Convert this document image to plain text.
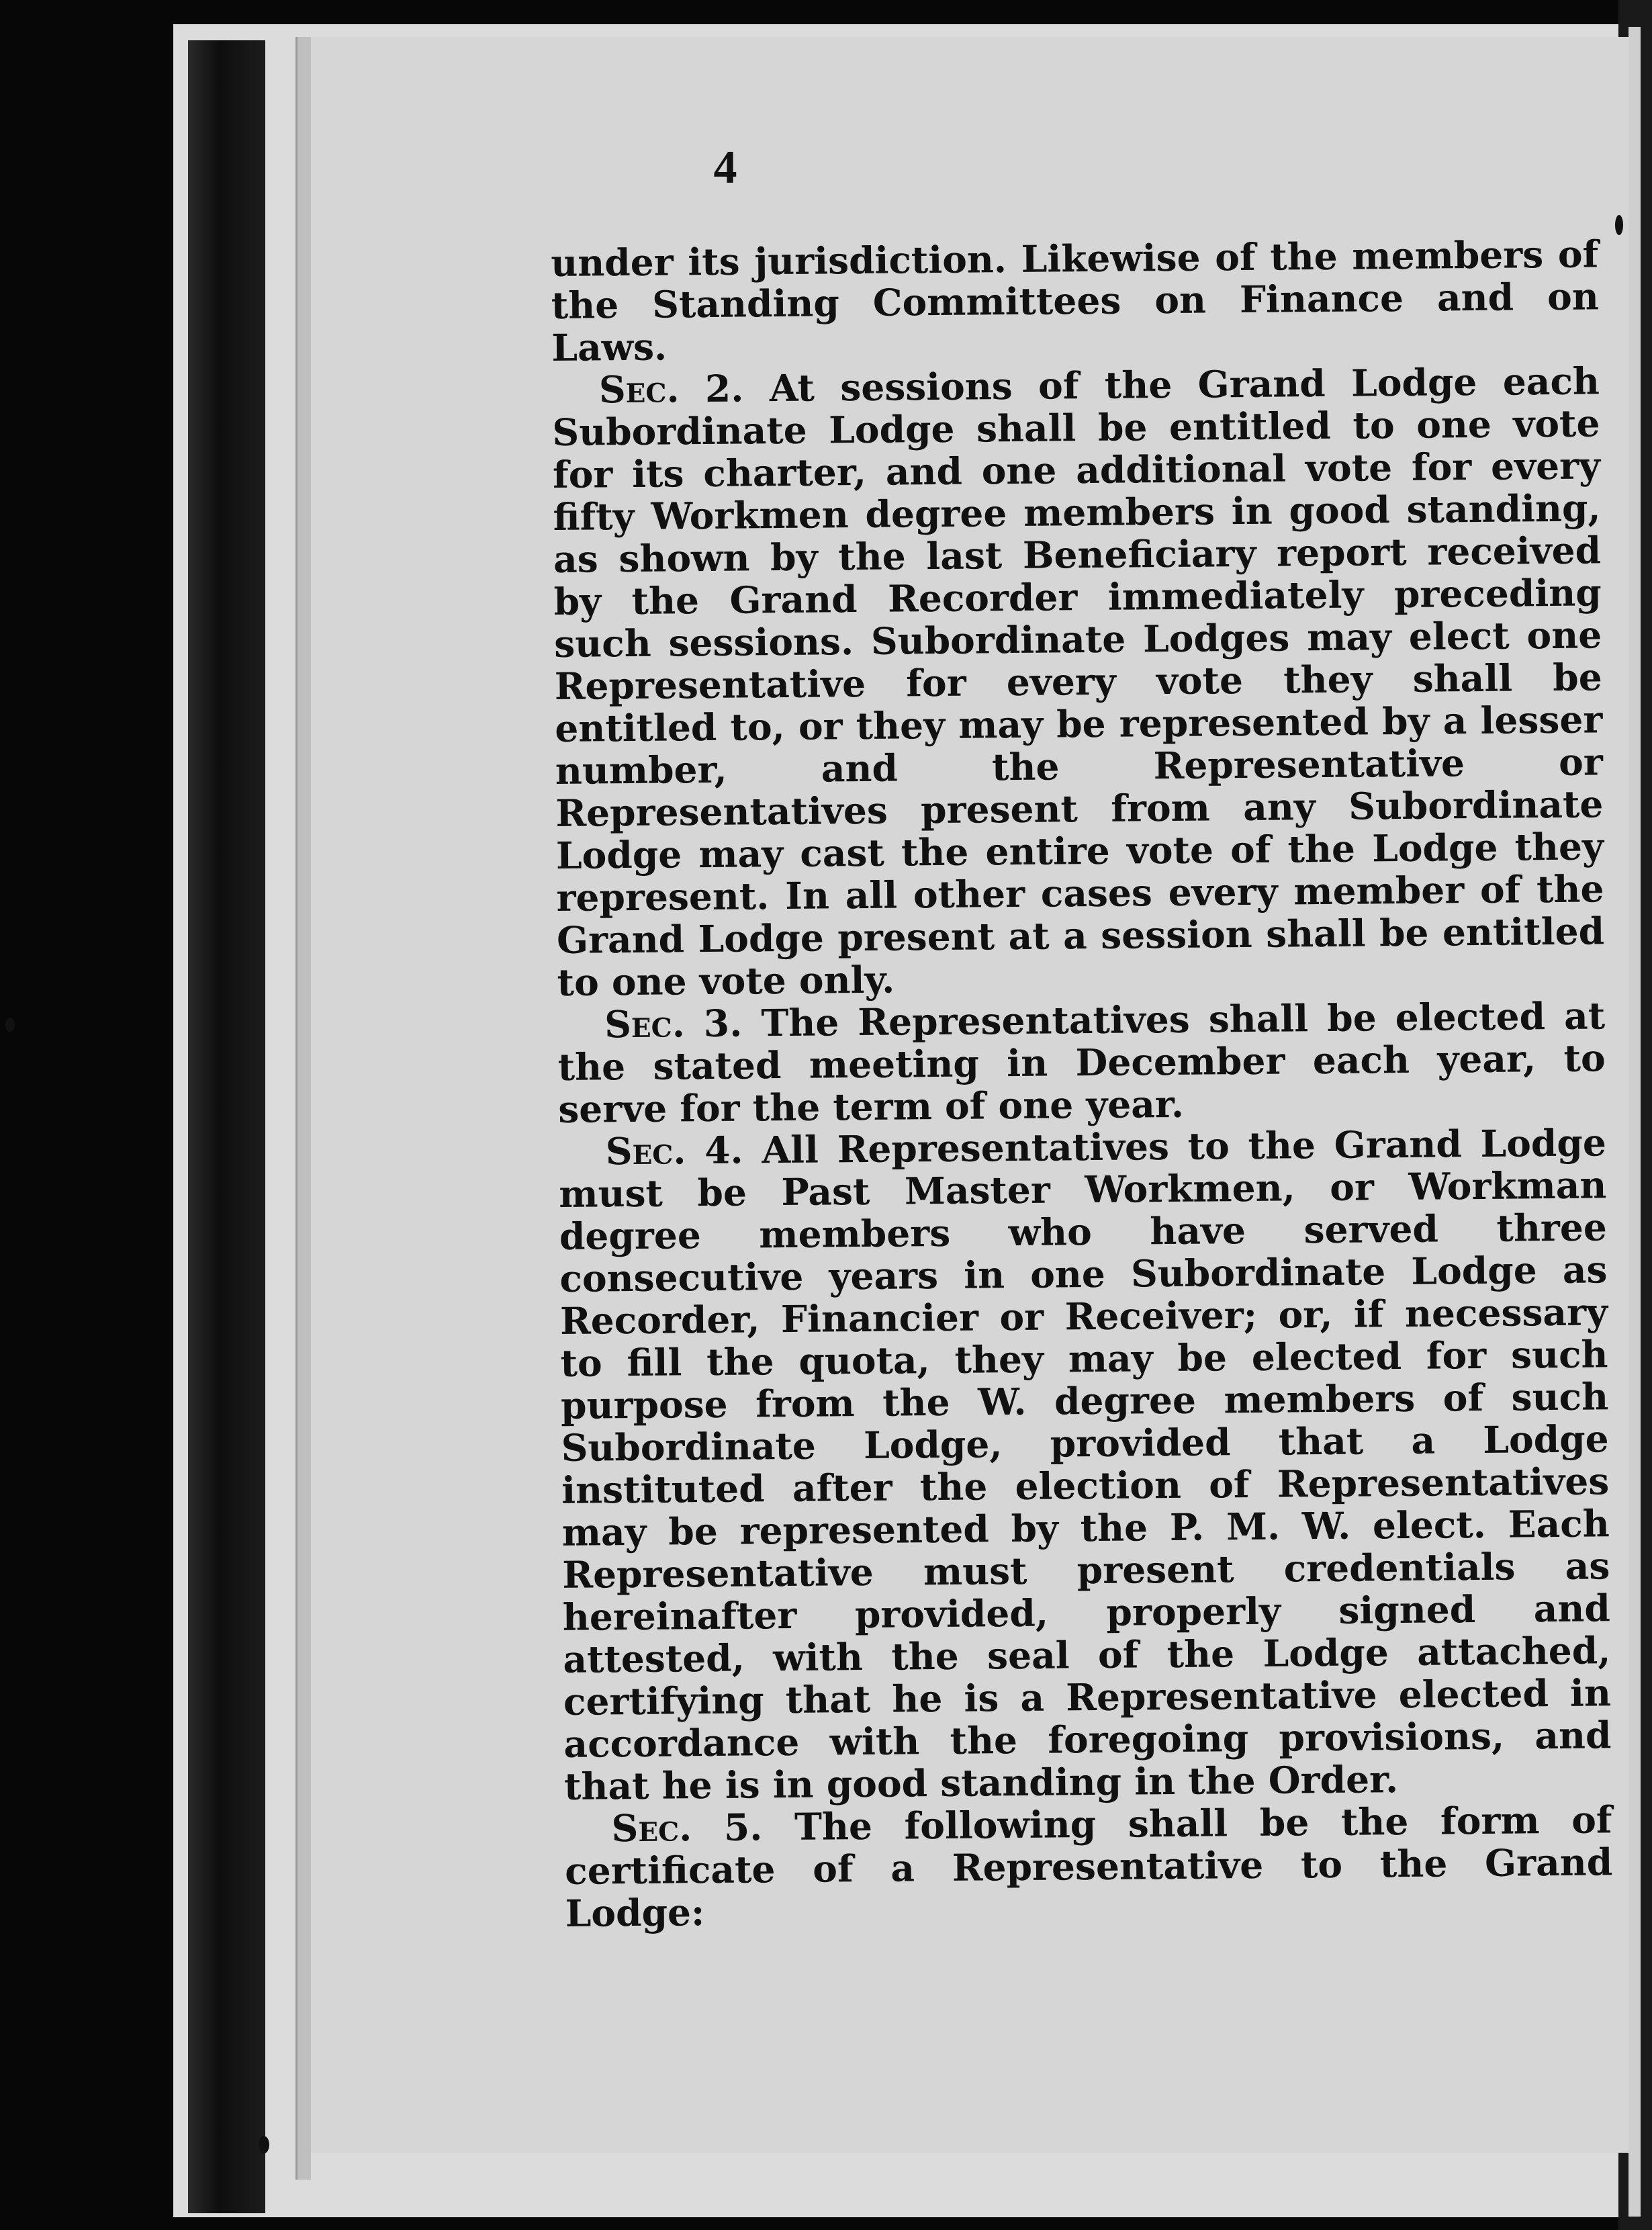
4

under its jurisdiction. Likewise of the members of the Standing Committees on Finance and on Laws.

Sec. 2. At sessions of the Grand Lodge each Subordinate Lodge shall be entitled to one vote for its charter, and one additional vote for every fifty Workmen degree members in good standing, as shown by the last Beneficiary report received by the Grand Recorder immediately preceding such sessions. Subordinate Lodges may elect one Representative for every vote they shall be entitled to, or they may be represented by a lesser number, and the Representative or Representatives present from any Subordinate Lodge may cast the entire vote of the Lodge they represent. In all other cases every member of the Grand Lodge present at a session shall be entitled to one vote only.

Sec. 3. The Representatives shall be elected at the stated meeting in December each year, to serve for the term of one year.

Sec. 4. All Representatives to the Grand Lodge must be Past Master Workmen, or Workman degree members who have served three consecutive years in one Subordinate Lodge as Recorder, Financier or Receiver; or, if necessary to fill the quota, they may be elected for such purpose from the W. degree members of such Subordinate Lodge, provided that a Lodge instituted after the election of Representatives may be represented by the P. M. W. elect. Each Representative must present credentials as hereinafter provided, properly signed and attested, with the seal of the Lodge attached, certifying that he is a Representative elected in accordance with the foregoing provisions, and that he is in good standing in the Order.

Sec. 5. The following shall be the form of certificate of a Representative to the Grand Lodge:
